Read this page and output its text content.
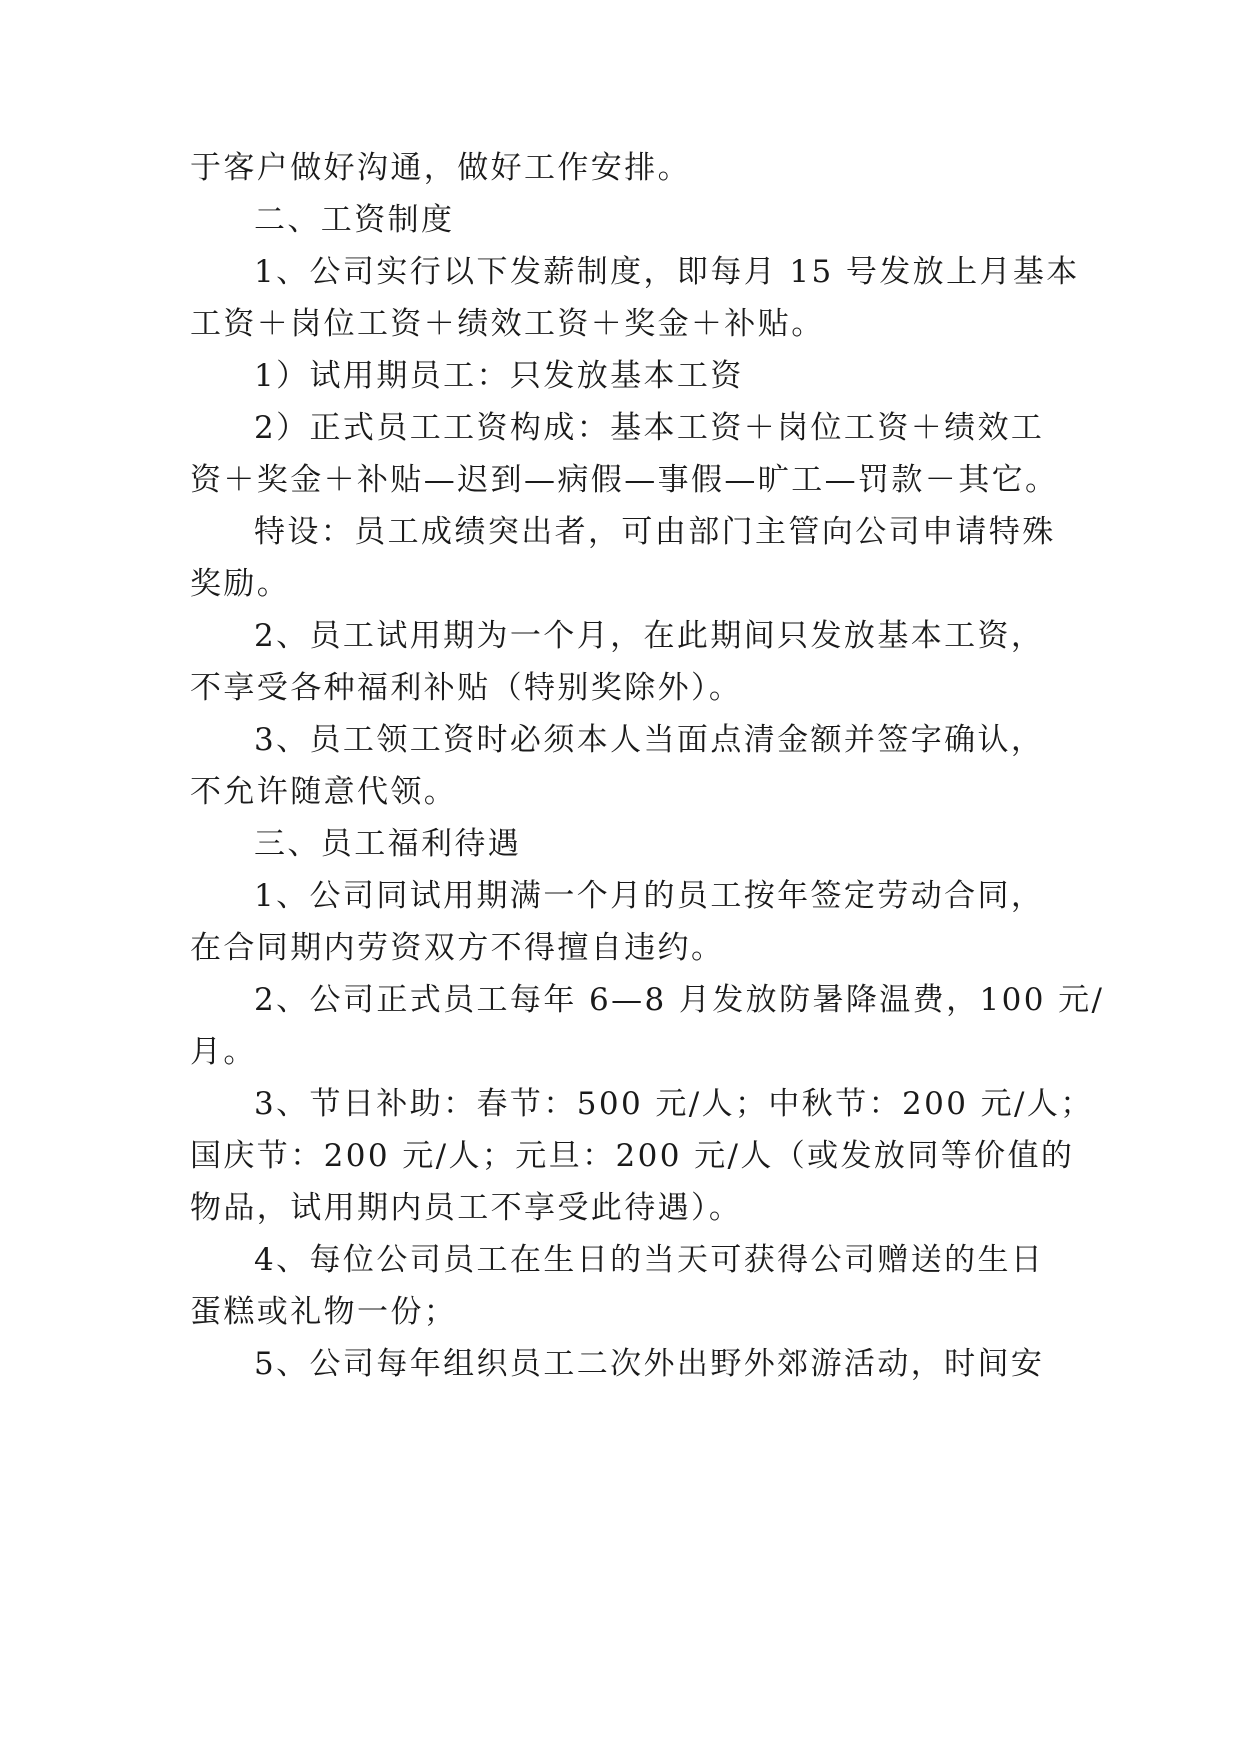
于客户做好沟通，做好工作安排。

二、工资制度

1、公司实行以下发薪制度，即每月 15 号发放上月基本

工资＋岗位工资＋绩效工资＋奖金＋补贴。

1）试用期员工：只发放基本工资

2）正式员工工资构成：基本工资＋岗位工资＋绩效工

资＋奖金＋补贴—迟到—病假—事假—旷工—罚款－其它。

特设：员工成绩突出者，可由部门主管向公司申请特殊

奖励。

2、员工试用期为一个月，在此期间只发放基本工资，

不享受各种福利补贴（特别奖除外）。

3、员工领工资时必须本人当面点清金额并签字确认，

不允许随意代领。

三、员工福利待遇

1、公司同试用期满一个月的员工按年签定劳动合同，

在合同期内劳资双方不得擅自违约。

2、公司正式员工每年 6—8 月发放防暑降温费，100 元/

月。

3、节日补助：春节：500 元/人；中秋节：200 元/人；

国庆节：200 元/人；元旦：200 元/人（或发放同等价值的

物品，试用期内员工不享受此待遇）。

4、每位公司员工在生日的当天可获得公司赠送的生日

蛋糕或礼物一份；

5、公司每年组织员工二次外出野外郊游活动，时间安
